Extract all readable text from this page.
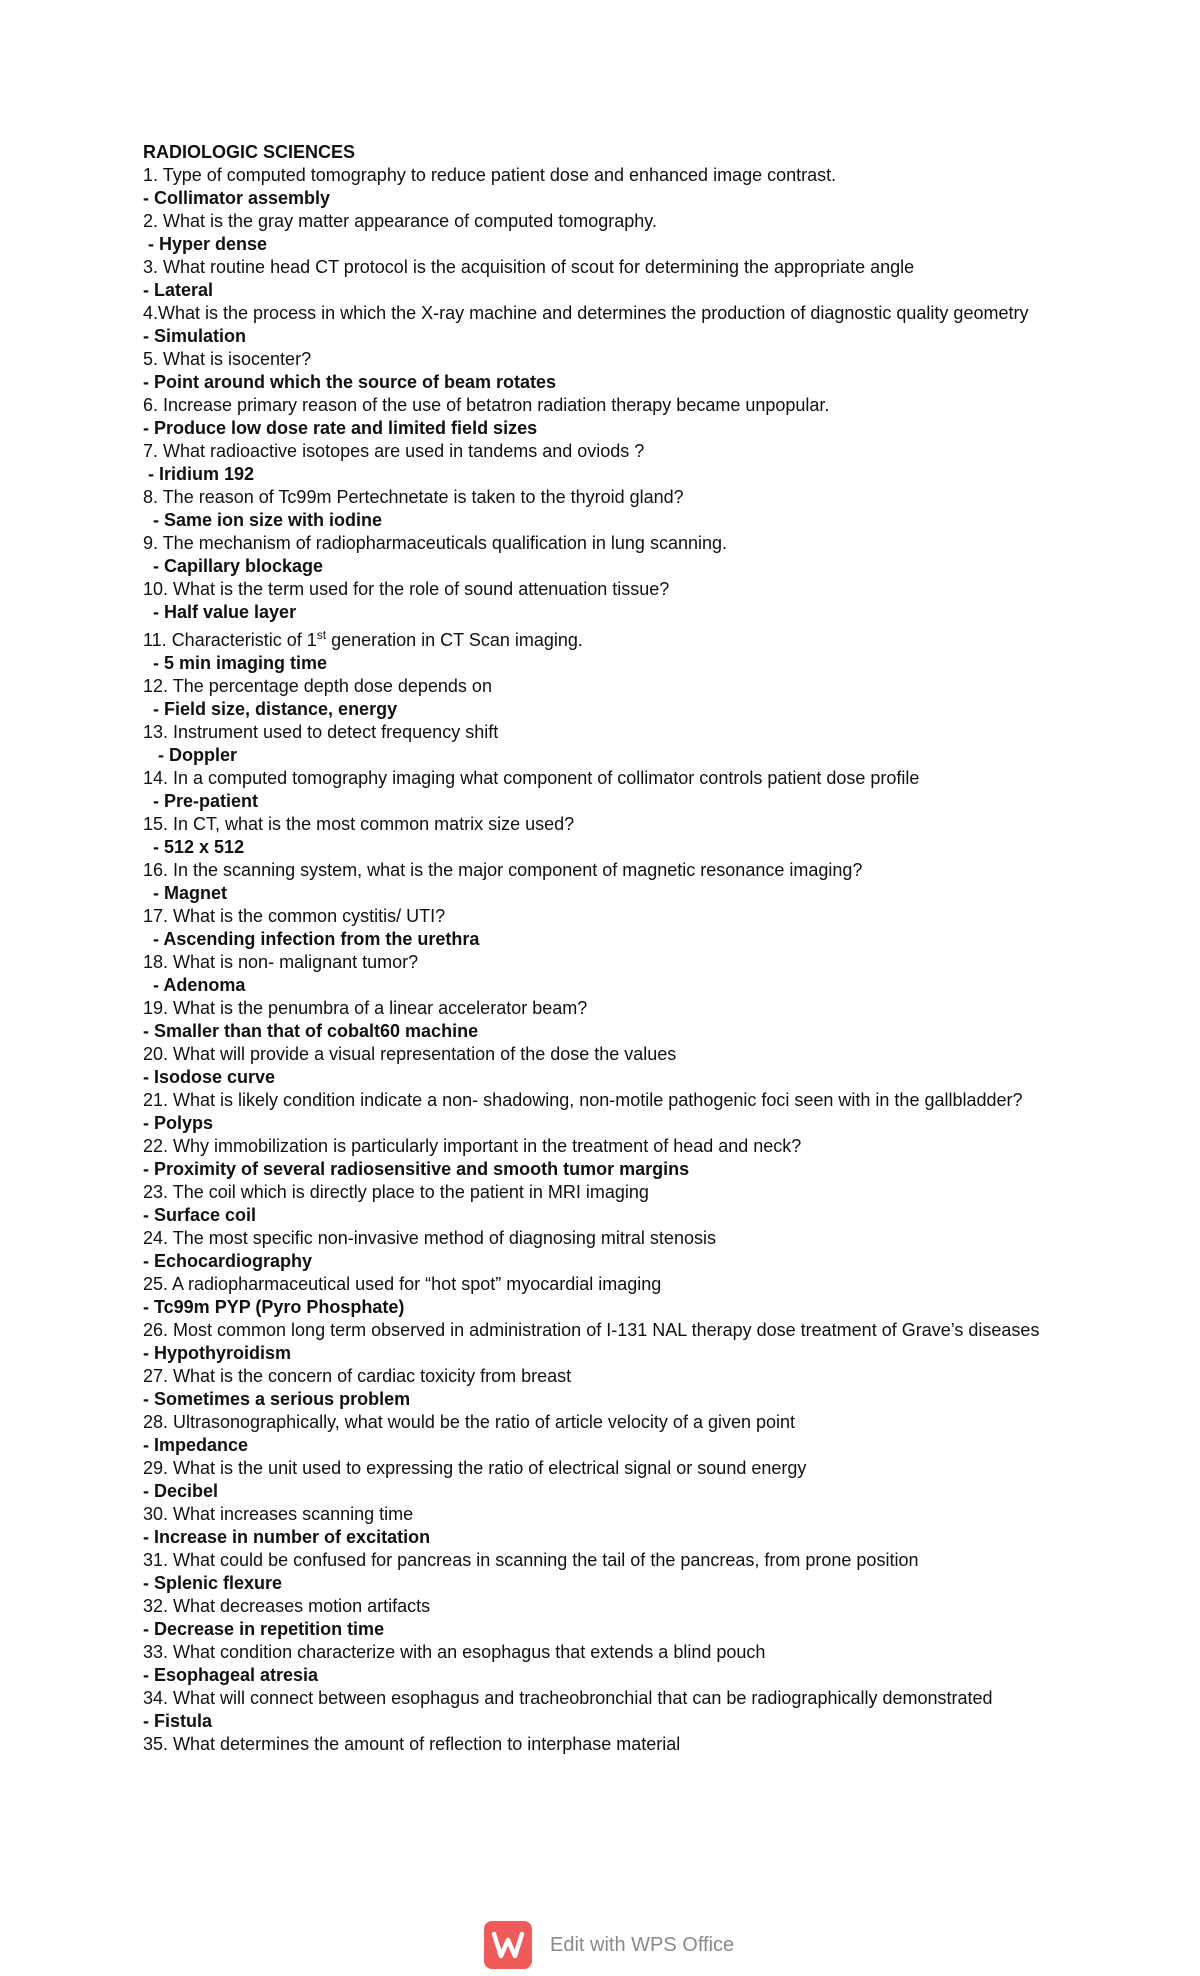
RADIOLOGIC SCIENCES
1. Type of computed tomography to reduce patient dose and enhanced image contrast.
- Collimator assembly
2. What is the gray matter appearance of computed tomography.
- Hyper dense
3. What routine head CT protocol is the acquisition of scout for determining the appropriate angle
- Lateral
4.What is the process in which the X-ray machine and determines the production of diagnostic quality geometry
- Simulation
5. What is isocenter?
- Point around which the source of beam rotates
6. Increase primary reason of the use of betatron radiation therapy became unpopular.
- Produce low dose rate and limited field sizes
7. What radioactive isotopes are used in tandems and oviods ?
- Iridium 192
8. The reason of Tc99m Pertechnetate is taken to the thyroid gland?
- Same ion size with iodine
9. The mechanism of radiopharmaceuticals qualification in lung scanning.
- Capillary blockage
10. What is the term used for the role of sound attenuation tissue?
- Half value layer
11. Characteristic of 1st generation in CT Scan imaging.
- 5 min imaging time
12. The percentage depth dose depends on
- Field size, distance, energy
13. Instrument used to detect frequency shift
- Doppler
14. In a computed tomography imaging what component of collimator controls patient dose profile
- Pre-patient
15. In CT, what is the most common matrix size used?
- 512 x 512
16. In the scanning system, what is the major component of magnetic resonance imaging?
- Magnet
17. What is the common cystitis/ UTI?
- Ascending infection from the urethra
18. What is non- malignant tumor?
- Adenoma
19. What is the penumbra of a linear accelerator beam?
- Smaller than that of cobalt60 machine
20. What will provide a visual representation of the dose the values
- Isodose curve
21. What is likely condition indicate a non- shadowing, non-motile pathogenic foci seen with in the gallbladder?
- Polyps
22. Why immobilization is particularly important in the treatment of head and neck?
- Proximity of several radiosensitive and smooth tumor margins
23. The coil which is directly place to the patient in MRI imaging
- Surface coil
24. The most specific non-invasive method of diagnosing mitral stenosis
- Echocardiography
25. A radiopharmaceutical used for “hot spot” myocardial imaging
- Tc99m PYP (Pyro Phosphate)
26. Most common long term observed in administration of I-131 NAL therapy dose treatment of Grave’s diseases
- Hypothyroidism
27. What is the concern of cardiac toxicity from breast
- Sometimes a serious problem
28. Ultrasonographically, what would be the ratio of article velocity of a given point
- Impedance
29. What is the unit used to expressing the ratio of electrical signal or sound energy
- Decibel
30. What increases scanning time
- Increase in number of excitation
31. What could be confused for pancreas in scanning the tail of the pancreas, from prone position
- Splenic flexure
32. What decreases motion artifacts
- Decrease in repetition time
33. What condition characterize with an esophagus that extends a blind pouch
- Esophageal atresia
34. What will connect between esophagus and tracheobronchial that can be radiographically demonstrated
- Fistula
35. What determines the amount of reflection to interphase material
Edit with WPS Office
